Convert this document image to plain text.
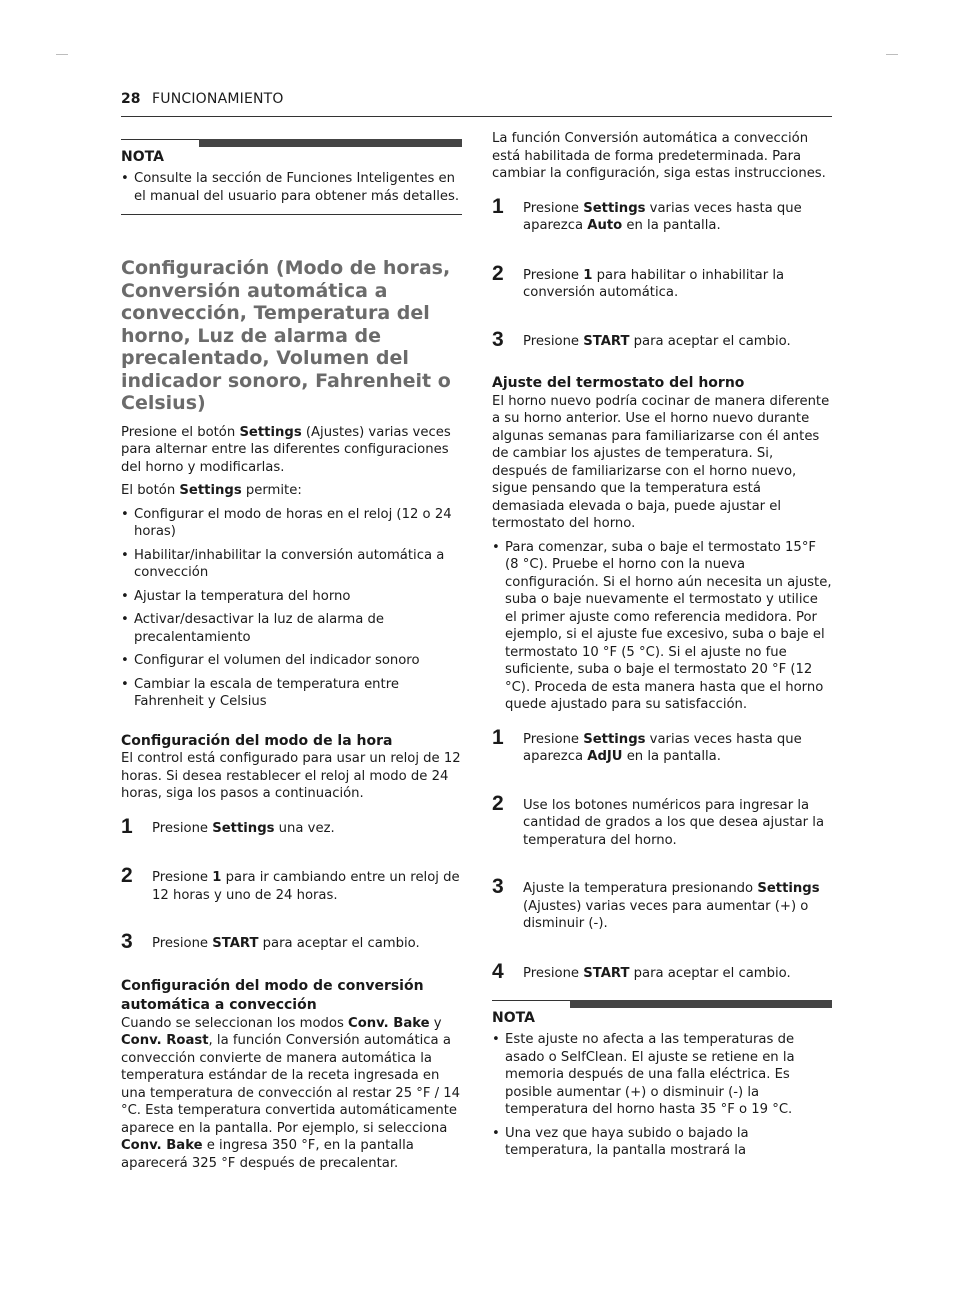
28 FUNCIONAMIENTO
NOTA
• Consulte la sección de Funciones Inteligentes en el manual del usuario para obtener más detalles.
Configuración (Modo de horas, Conversión automática a convección, Temperatura del horno, Luz de alarma de precalentado, Volumen del indicador sonoro, Fahrenheit o Celsius)

Presione el botón Settings (Ajustes) varias veces para alternar entre las diferentes configuraciones del horno y modificarlas.

El botón Settings permite:

• Configurar el modo de horas en el reloj (12 o 24 horas)
• Habilitar/inhabilitar la conversión automática a convección
• Ajustar la temperatura del horno
• Activar/desactivar la luz de alarma de precalentamiento
• Configurar el volumen del indicador sonoro
• Cambiar la escala de temperatura entre Fahrenheit y Celsius
Configuración del modo de la hora

El control está configurado para usar un reloj de 12 horas. Si desea restablecer el reloj al modo de 24 horas, siga los pasos a continuación.

1 Presione Settings una vez.
2 Presione 1 para ir cambiando entre un reloj de 12 horas y uno de 24 horas.
3 Presione START para aceptar el cambio.
Configuración del modo de conversión automática a convección

Cuando se seleccionan los modos Conv. Bake y Conv. Roast, la función Conversión automática a convección convierte de manera automática la temperatura estándar de la receta ingresada en una temperatura de convección al restar 25 °F / 14 °C. Esta temperatura convertida automáticamente aparece en la pantalla. Por ejemplo, si selecciona Conv. Bake e ingresa 350 °F, en la pantalla aparecerá 325 °F después de precalentar.

La función Conversión automática a convección está habilitada de forma predeterminada. Para cambiar la configuración, siga estas instrucciones.

1 Presione Settings varias veces hasta que aparezca Auto en la pantalla.
2 Presione 1 para habilitar o inhabilitar la conversión automática.
3 Presione START para aceptar el cambio.
Ajuste del termostato del horno

El horno nuevo podría cocinar de manera diferente a su horno anterior. Use el horno nuevo durante algunas semanas para familiarizarse con él antes de cambiar los ajustes de temperatura. Si, después de familiarizarse con el horno nuevo, sigue pensando que la temperatura está demasiada elevada o baja, puede ajustar el termostato del horno.

• Para comenzar, suba o baje el termostato 15°F (8 °C). Pruebe el horno con la nueva configuración. Si el horno aún necesita un ajuste, suba o baje nuevamente el termostato y utilice el primer ajuste como referencia medidora. Por ejemplo, si el ajuste fue excesivo, suba o baje el termostato 10 °F (5 °C). Si el ajuste no fue suficiente, suba o baje el termostato 20 °F (12 °C). Proceda de esta manera hasta que el horno quede ajustado para su satisfacción.
1 Presione Settings varias veces hasta que aparezca AdJU en la pantalla.
2 Use los botones numéricos para ingresar la cantidad de grados a los que desea ajustar la temperatura del horno.
3 Ajuste la temperatura presionando Settings (Ajustes) varias veces para aumentar (+) o disminuir (-).
4 Presione START para aceptar el cambio.
NOTA
• Este ajuste no afecta a las temperaturas de asado o SelfClean. El ajuste se retiene en la memoria después de una falla eléctrica. Es posible aumentar (+) o disminuir (-) la temperatura del horno hasta 35 °F o 19 °C.
• Una vez que haya subido o bajado la temperatura, la pantalla mostrará la
